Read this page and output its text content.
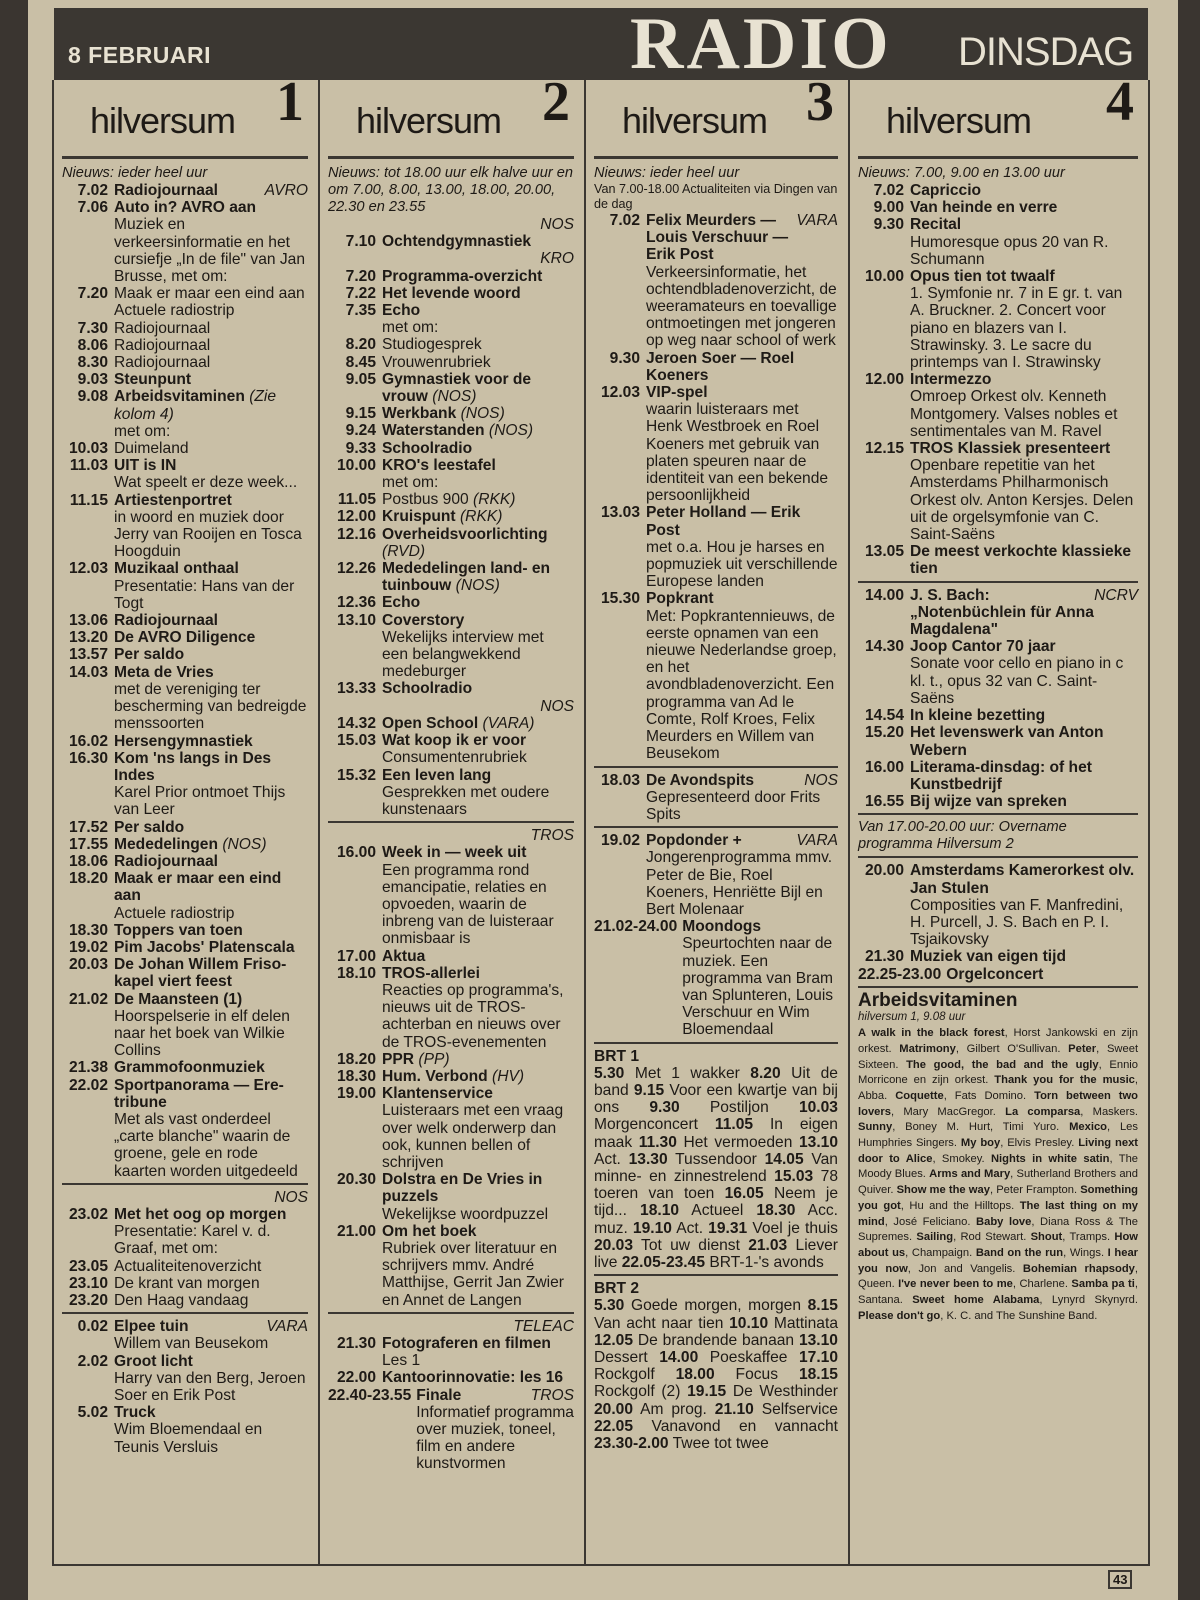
8 FEBRUARI	RADIO DINSDAG
hilversum 1
Nieuws: ieder heel uur
7.02 Radiojournaal	AVRO
7.06 Auto in? AVRO aan
Muziek en verkeersinformatie en het cursiefje „In de file" van Jan Brusse, met om:
7.20 Maak er maar een eind aan
Actuele radiostrip
7.30 Radiojournaal
8.06 Radiojournaal
8.30 Radiojournaal
9.03 Steunpunt
9.08 Arbeidsvitaminen (Zie kolom 4)
met om:
10.03 Duimeland
11.03 UIT is IN
Wat speelt er deze week...
11.15 Artiestenportret
in woord en muziek door Jerry van Rooijen en Tosca Hoogduin
12.03 Muzikaal onthaal
Presentatie: Hans van der Togt
13.06 Radiojournaal
13.20 De AVRO Diligence
13.57 Per saldo
14.03 Meta de Vries
met de vereniging ter bescherming van bedreigde menssoorten
16.02 Hersengymnastiek
16.30 Kom 'ns langs in Des Indes
Karel Prior ontmoet Thijs van Leer
17.52 Per saldo
17.55 Mededelingen (NOS)
18.06 Radiojournaal
18.20 Maak er maar een eind aan
Actuele radiostrip
18.30 Toppers van toen
19.02 Pim Jacobs' Platenscala
20.03 De Johan Willem Friso-kapel viert feest
21.02 De Maansteen (1)
Hoorspelserie in elf delen naar het boek van Wilkie Collins
21.38 Grammofoonmuziek
22.02 Sportpanorama — Ere-tribune
Met als vast onderdeel „carte blanche" waarin de groene, gele en rode kaarten worden uitgedeeld
NOS
23.02 Met het oog op morgen
Presentatie: Karel v. d. Graaf, met om:
23.05 Actualiteitenoverzicht
23.10 De krant van morgen
23.20 Den Haag vandaag
0.02 Elpee tuin	VARA
Willem van Beusekom
2.02 Groot licht
Harry van den Berg, Jeroen Soer en Erik Post
5.02 Truck
Wim Bloemendaal en Teunis Versluis
hilversum 2
Nieuws: tot 18.00 uur elk halve uur en om 7.00, 8.00, 13.00, 18.00, 20.00, 22.30 en 23.55
NOS
7.10 Ochtendgymnastiek
KRO
7.20 Programma-overzicht
7.22 Het levende woord
7.35 Echo
met om:
8.20 Studiogesprek
8.45 Vrouwenrubriek
9.05 Gymnastiek voor de vrouw (NOS)
9.15 Werkbank (NOS)
9.24 Waterstanden (NOS)
9.33 Schoolradio
10.00 KRO's leestafel
met om:
11.05 Postbus 900 (RKK)
12.00 Kruispunt (RKK)
12.16 Overheidsvoorlichting (RVD)
12.26 Mededelingen land- en tuinbouw (NOS)
12.36 Echo
13.10 Coverstory
Wekelijks interview met een belangwekkend medeburger
13.33 Schoolradio
NOS
14.32 Open School (VARA)
15.03 Wat koop ik er voor
Consumentenrubriek
15.32 Een leven lang
Gesprekken met oudere kunstenaars
TROS
16.00 Week in — week uit
Een programma rond emancipatie, relaties en opvoeden, waarin de inbreng van de luisteraar onmisbaar is
17.00 Aktua
18.10 TROS-allerlei
Reacties op programma's, nieuws uit de TROS-achterban en nieuws over de TROS-evenementen
18.20 PPR (PP)
18.30 Hum. Verbond (HV)
19.00 Klantenservice
Luisteraars met een vraag over welk onderwerp dan ook, kunnen bellen of schrijven
20.30 Dolstra en De Vries in puzzels
Wekelijkse woordpuzzel
21.00 Om het boek
Rubriek over literatuur en schrijvers mmv. André Matthijse, Gerrit Jan Zwier en Annet de Langen
TELEAC
21.30 Fotograferen en filmen
Les 1
22.00 Kantoorinnovatie: les 16
22.40-23.55 Finale	TROS
Informatief programma over muziek, toneel, film en andere kunstvormen
hilversum 3
Nieuws: ieder heel uur
Van 7.00-18.00 Actualiteiten via Dingen van de dag
7.02 Felix Meurders — Louis Verschuur — Erik Post
VARA
Verkeersinformatie, het ochtendbladenoverzicht, de weeramateurs en toevallige ontmoetingen met jongeren op weg naar school of werk
9.30 Jeroen Soer — Roel Koeners
12.03 VIP-spel
waarin luisteraars met Henk Westbroek en Roel Koeners met gebruik van platen speuren naar de identiteit van een bekende persoonlijkheid
13.03 Peter Holland — Erik Post
met o.a. Hou je harses en popmuziek uit verschillende Europese landen
15.30 Popkrant
Met: Popkrantennieuws, de eerste opnamen van een nieuwe Nederlandse groep, en het avondbladenoverzicht. Een programma van Ad le Comte, Rolf Kroes, Felix Meurders en Willem van Beusekom
18.03 De Avondspits	NOS
Gepresenteerd door Frits Spits
19.02 Popdonder +	VARA
Jongerenprogramma mmv. Peter de Bie, Roel Koeners, Henriëtte Bijl en Bert Molenaar
21.02-24.00 Moondogs
Speurtochten naar de muziek. Een programma van Bram van Splunteren, Louis Verschuur en Wim Bloemendaal
BRT 1
5.30 Met 1 wakker 8.20 Uit de band 9.15 Voor een kwartje van bij ons 9.30 Postiljon 10.03 Morgenconcert 11.05 In eigen maak 11.30 Het vermoeden 13.10 Act. 13.30 Tussendoor 14.05 Van minne- en zinnestrelend 15.03 78 toeren van toen 16.05 Neem je tijd... 18.10 Actueel 18.30 Acc. muz. 19.10 Act. 19.31 Voel je thuis 20.03 Tot uw dienst 21.03 Liever live 22.05-23.45 BRT-1-'s avonds
BRT 2
5.30 Goede morgen, morgen 8.15 Van acht naar tien 10.10 Mattinata 12.05 De brandende banaan 13.10 Dessert 14.00 Poeskaffee 17.10 Rockgolf 18.00 Focus 18.15 Rockgolf (2) 19.15 De Westhinder 20.00 Am prog. 21.10 Selfservice 22.05 Vanavond en vannacht 23.30-2.00 Twee tot twee
hilversum 4
Nieuws: 7.00, 9.00 en 13.00 uur
7.02 Capriccio
9.00 Van heinde en verre
9.30 Recital
Humoresque opus 20 van R. Schumann
10.00 Opus tien tot twaalf
1. Symfonie nr. 7 in E gr. t. van A. Bruckner. 2. Concert voor piano en blazers van I. Strawinsky. 3. Le sacre du printemps van I. Strawinsky
12.00 Intermezzo
Omroep Orkest olv. Kenneth Montgomery. Valses nobles et sentimentales van M. Ravel
12.15 TROS Klassiek presenteert
Openbare repetitie van het Amsterdams Philharmonisch Orkest olv. Anton Kersjes. Delen uit de orgelsymfonie van C. Saint-Saëns
13.05 De meest verkochte klassieke tien
14.00 J. S. Bach: „Notenbüchlein für Anna Magdalena"
NCRV
14.30 Joop Cantor 70 jaar
Sonate voor cello en piano in c kl. t., opus 32 van C. Saint-Saëns
14.54 In kleine bezetting
15.20 Het levenswerk van Anton Webern
16.00 Literama-dinsdag: of het Kunstbedrijf
16.55 Bij wijze van spreken
Van 17.00-20.00 uur: Overname programma Hilversum 2
20.00 Amsterdams Kamerorkest olv. Jan Stulen
Composities van F. Manfredini, H. Purcell, J. S. Bach en P. I. Tsjaikovsky
21.30 Muziek van eigen tijd
22.25-23.00 Orgelconcert
Arbeidsvitaminen
hilversum 1, 9.08 uur
A walk in the black forest, Horst Jankowski en zijn orkest. Matrimony, Gilbert O'Sullivan. Peter, Sweet Sixteen. The good, the bad and the ugly, Ennio Morricone en zijn orkest. Thank you for the music, Abba. Coquette, Fats Domino. Torn between two lovers, Mary MacGregor. La comparsa, Maskers. Sunny, Boney M. Hurt, Timi Yuro. Mexico, Les Humphries Singers. My boy, Elvis Presley. Living next door to Alice, Smokey. Nights in white satin, The Moody Blues. Arms and Mary, Sutherland Brothers and Quiver. Show me the way, Peter Frampton. Something you got, Hu and the Hilltops. The last thing on my mind, José Feliciano. Baby love, Diana Ross & The Supremes. Sailing, Rod Stewart. Shout, Tramps. How about us, Champaign. Band on the run, Wings. I hear you now, Jon and Vangelis. Bohemian rhapsody, Queen. I've never been to me, Charlene. Samba pa ti, Santana. Sweet home Alabama, Lynyrd Skynyrd. Please don't go, K. C. and The Sunshine Band.
43
